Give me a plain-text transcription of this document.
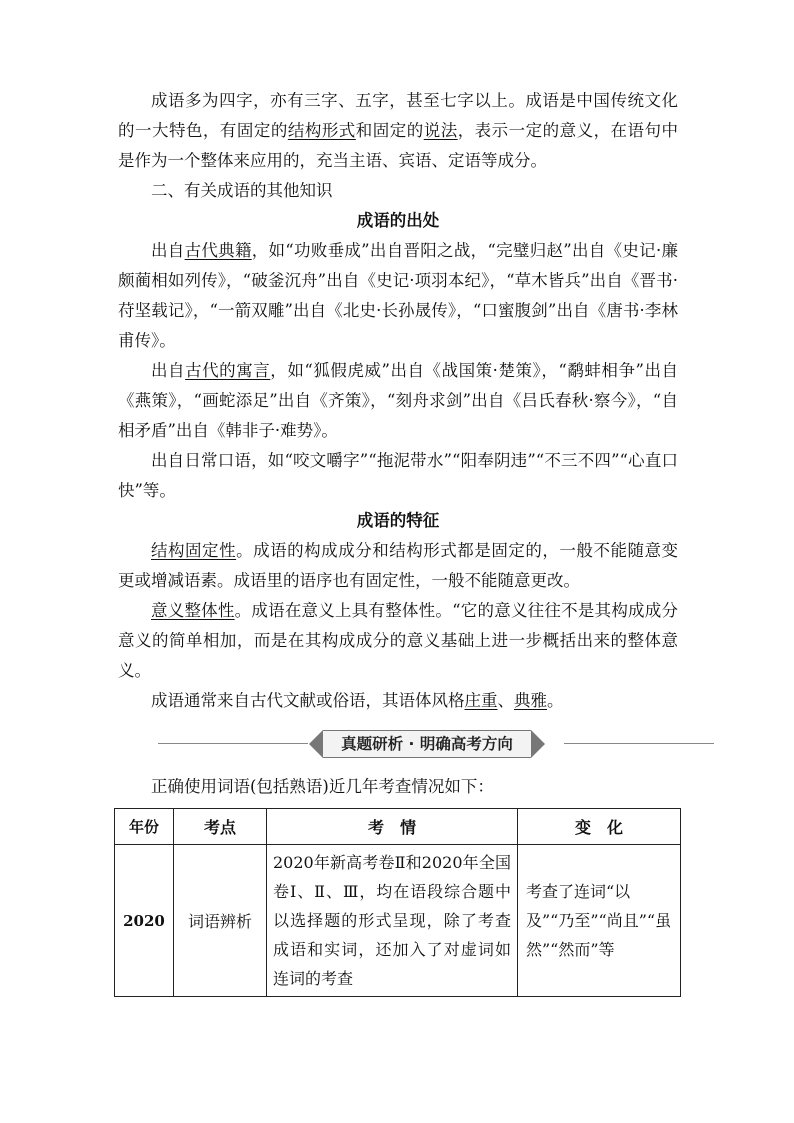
成语多为四字，亦有三字、五字，甚至七字以上。成语是中国传统文化的一大特色，有固定的结构形式和固定的说法，表示一定的意义，在语句中是作为一个整体来应用的，充当主语、宾语、定语等成分。

二、有关成语的其他知识

成语的出处

出自古代典籍，如“功败垂成”出自晋阳之战，“完璧归赵”出自《史记·廉颇蔺相如列传》，“破釜沉舟”出自《史记·项羽本纪》，“草木皆兵”出自《晋书·苻坚载记》，“一箭双雕”出自《北史·长孙晟传》，“口蜜腹剑”出自《唐书·李林甫传》。

出自古代的寓言，如“狐假虎威”出自《战国策·楚策》，“鹬蚌相争”出自《燕策》，“画蛇添足”出自《齐策》，“刻舟求剑”出自《吕氏春秋·察今》，“自相矛盾”出自《韩非子·难势》。

出自日常口语，如“咬文嚼字”“拖泥带水”“阳奉阴违”“不三不四”“心直口快”等。

成语的特征

结构固定性。成语的构成成分和结构形式都是固定的，一般不能随意变更或增减语素。成语里的语序也有固定性，一般不能随意更改。

意义整体性。成语在意义上具有整体性。“它的意义往往不是其构成成分意义的简单相加，而是在其构成成分的意义基础上进一步概括出来的整体意义。

成语通常来自古代文献或俗语，其语体风格庄重、典雅。

真题研析 · 明确高考方向

正确使用词语(包括熟语)近几年考查情况如下：

年份	考点	考　情	变　化
2020	词语辨析	2020年新高考卷Ⅱ和2020年全国卷Ⅰ、Ⅱ、Ⅲ，均在语段综合题中以选择题的形式呈现，除了考查成语和实词，还加入了对虚词如连词的考查	考查了连词“以及”“乃至”“尚且”“虽然”“然而”等
